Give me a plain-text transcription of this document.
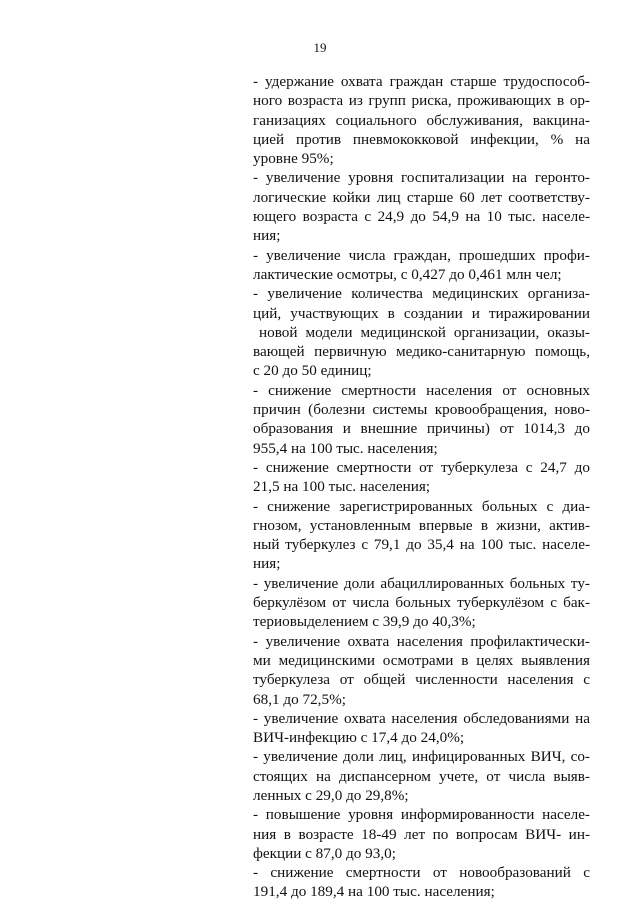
19
- удержание охвата граждан старше трудоспособ-
ного возраста из групп риска, проживающих в ор-
ганизациях социального обслуживания, вакцина-
цией против пневмококковой инфекции, % на
уровне 95%;
- увеличение уровня госпитализации на геронто-
логические койки лиц старше 60 лет соответству-
ющего возраста с 24,9 до 54,9 на 10 тыс. населе-
ния;
- увеличение числа граждан, прошедших профи-
лактические осмотры, с 0,427 до 0,461 млн чел;
- увеличение количества медицинских организа-
ций, участвующих в создании и тиражировании
новой модели медицинской организации, оказы-
вающей первичную медико-санитарную помощь,
с 20 до 50 единиц;
- снижение смертности населения от основных
причин (болезни системы кровообращения, ново-
образования и внешние причины) от 1014,3 до
955,4 на 100 тыс. населения;
- снижение смертности от туберкулеза с 24,7 до
21,5 на 100 тыс. населения;
- снижение зарегистрированных больных с диа-
гнозом, установленным впервые в жизни, актив-
ный туберкулез с 79,1 до 35,4 на 100 тыс. населе-
ния;
- увеличение доли абациллированных больных ту-
беркулёзом от числа больных туберкулёзом с бак-
териовыделением с 39,9 до 40,3%;
- увеличение охвата населения профилактически-
ми медицинскими осмотрами в целях выявления
туберкулеза от общей численности населения с
68,1 до 72,5%;
- увеличение охвата населения обследованиями на
ВИЧ-инфекцию с 17,4 до 24,0%;
- увеличение доли лиц, инфицированных ВИЧ, со-
стоящих на диспансерном учете, от числа выяв-
ленных с 29,0 до 29,8%;
- повышение уровня информированности населе-
ния в возрасте 18-49 лет по вопросам ВИЧ- ин-
фекции с 87,0 до 93,0;
- снижение смертности от новообразований с
191,4 до 189,4 на 100 тыс. населения;
